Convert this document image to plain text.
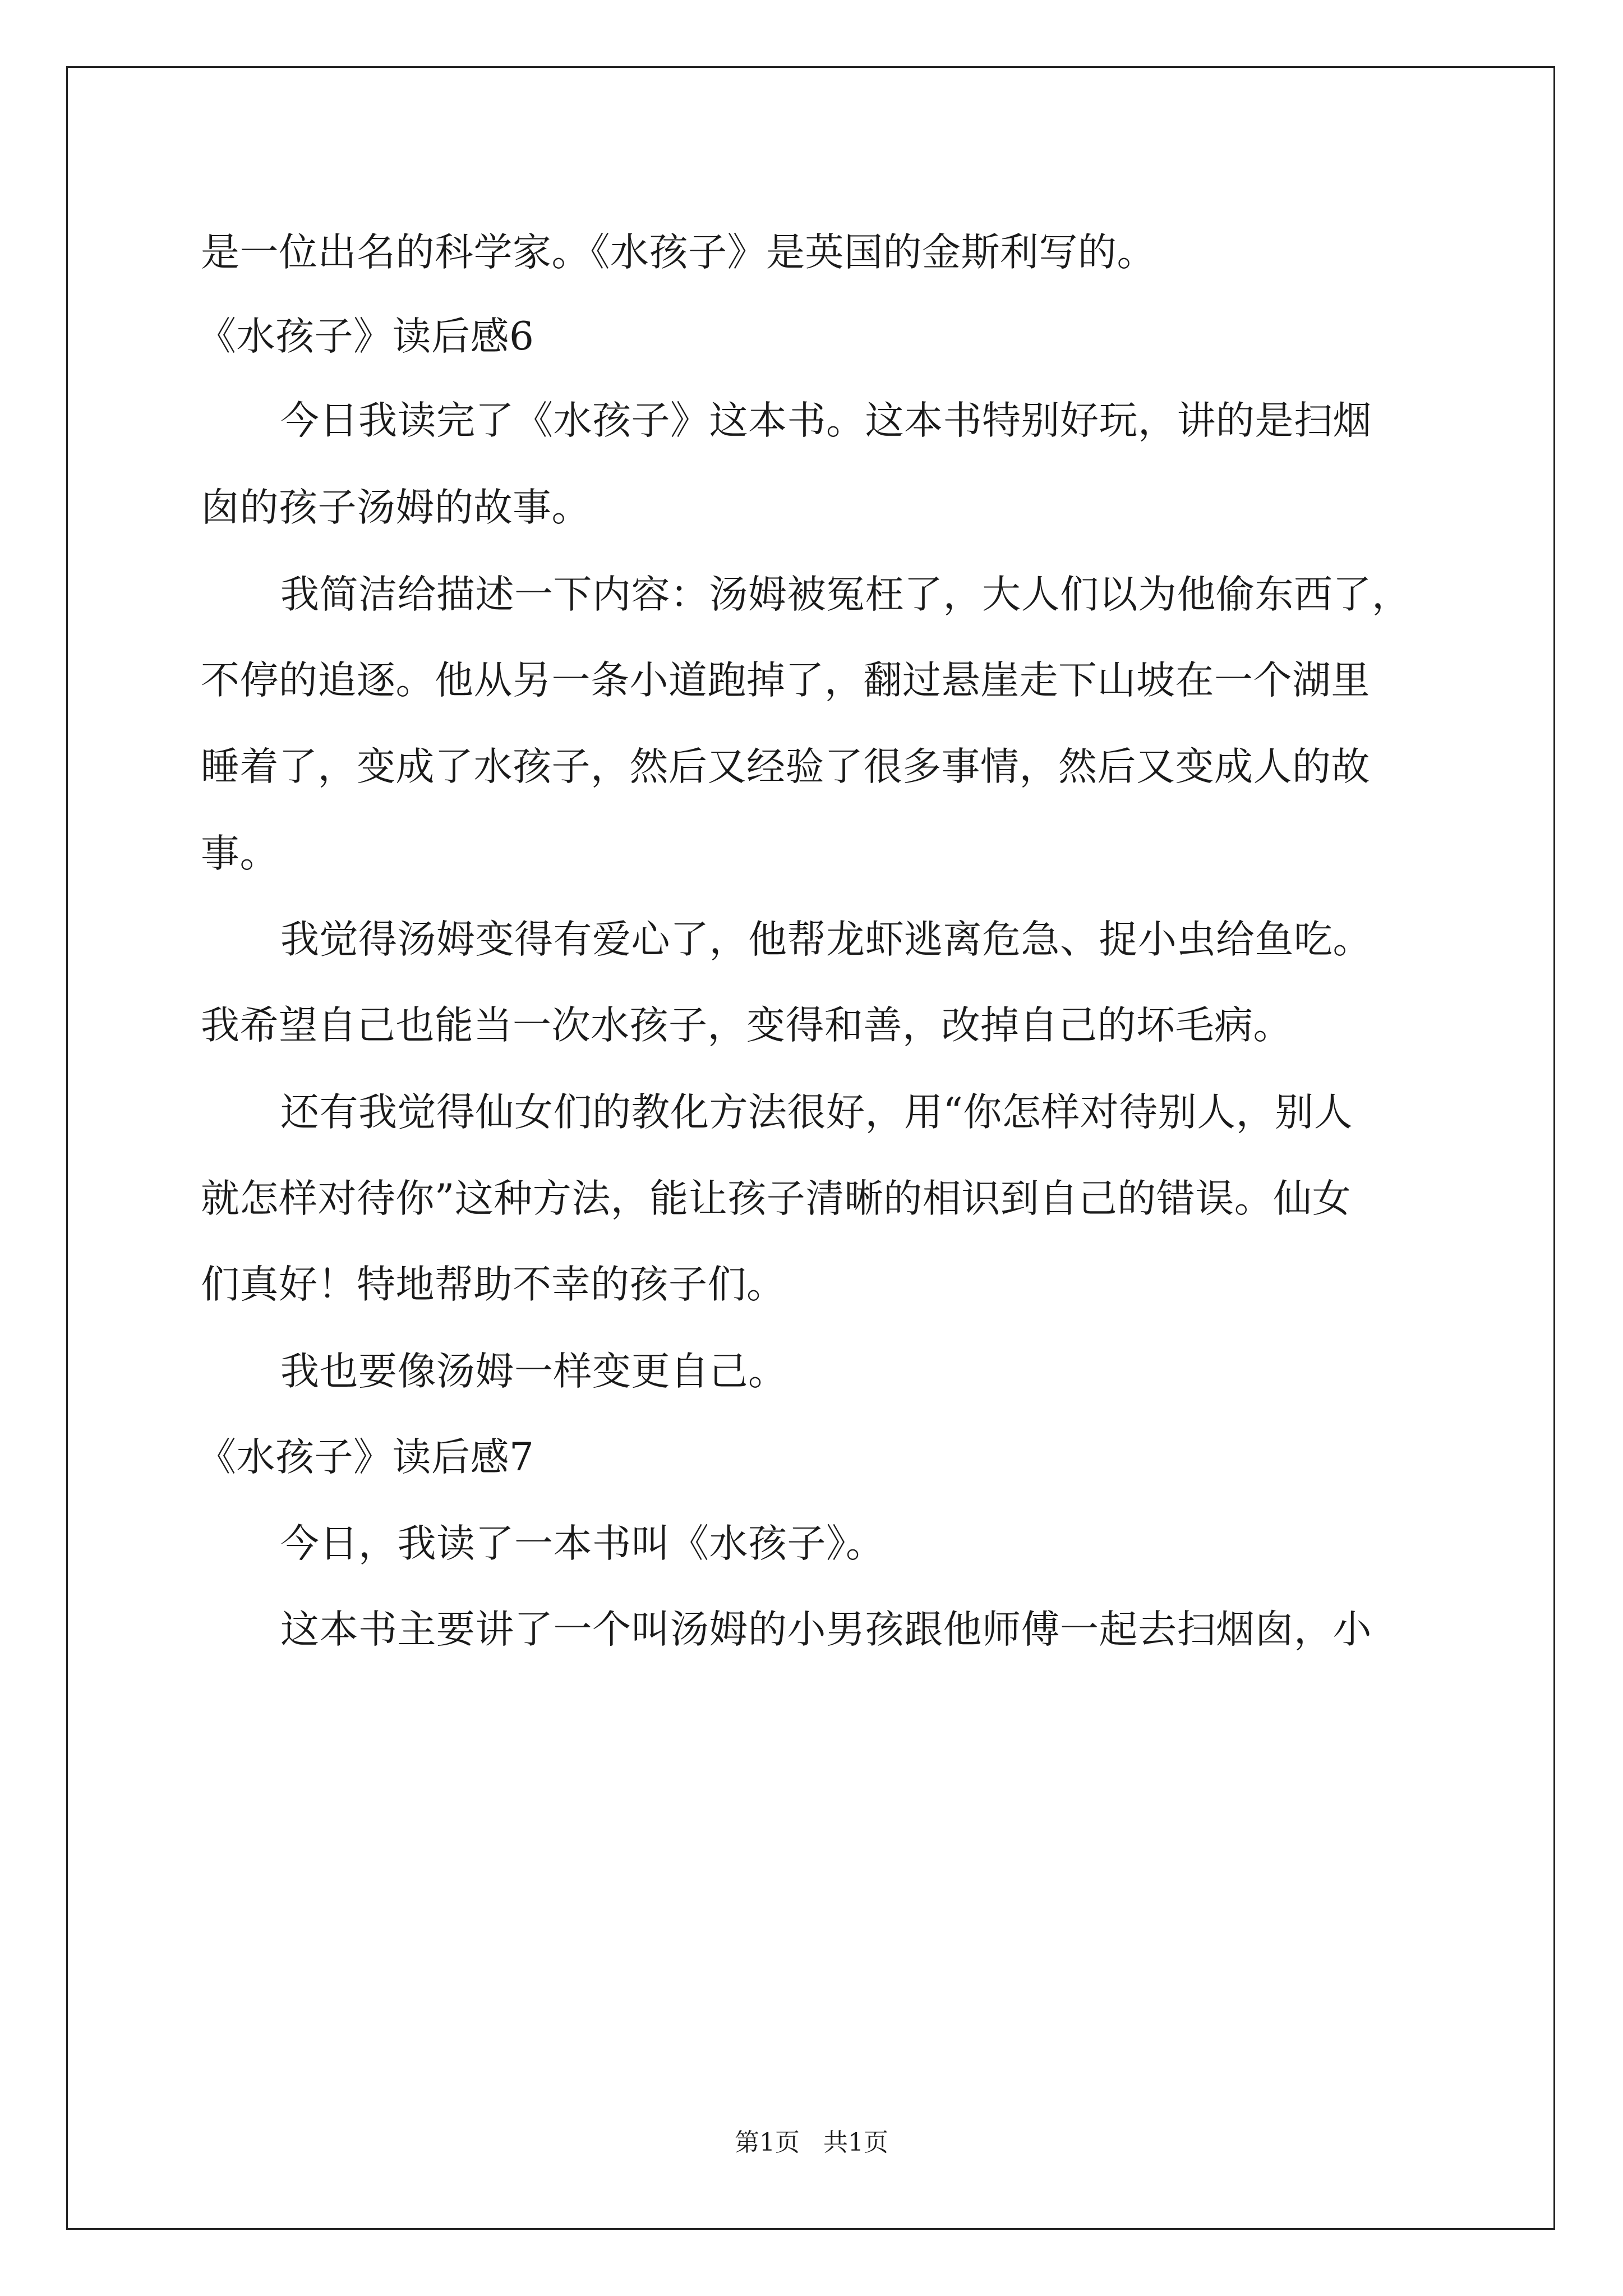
是一位出名的科学家。《水孩子》是英国的金斯利写的。
《水孩子》读后感6
今日我读完了《水孩子》这本书。这本书特别好玩，讲的是扫烟
囱的孩子汤姆的故事。
我简洁给描述一下内容：汤姆被冤枉了，大人们以为他偷东西了，
不停的追逐。他从另一条小道跑掉了，翻过悬崖走下山坡在一个湖里
睡着了，变成了水孩子，然后又经验了很多事情，然后又变成人的故
事。
我觉得汤姆变得有爱心了，他帮龙虾逃离危急、捉小虫给鱼吃。
我希望自己也能当一次水孩子，变得和善，改掉自己的坏毛病。
还有我觉得仙女们的教化方法很好，用“你怎样对待别人，别人
就怎样对待你”这种方法，能让孩子清晰的相识到自己的错误。仙女
们真好！特地帮助不幸的孩子们。
我也要像汤姆一样变更自己。
《水孩子》读后感7
今日，我读了一本书叫《水孩子》。
这本书主要讲了一个叫汤姆的小男孩跟他师傅一起去扫烟囱，小
第1页   共1页
